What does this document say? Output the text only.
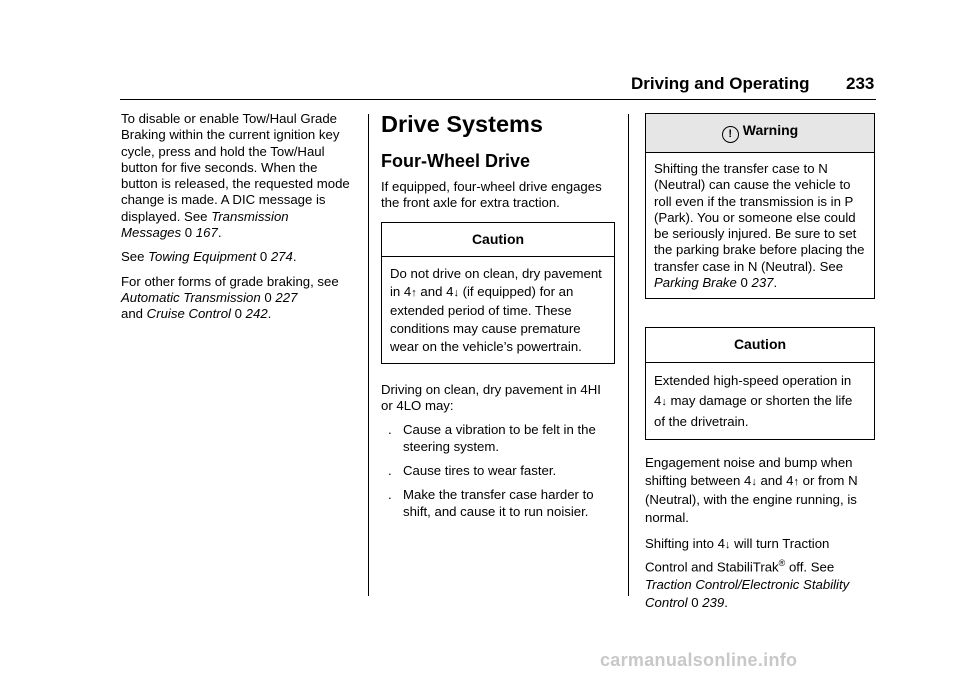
Driving and Operating 233

To disable or enable Tow/Haul Grade Braking within the current ignition key cycle, press and hold the Tow/Haul button for five seconds. When the button is released, the requested mode change is made. A DIC message is displayed. See Transmission Messages 0 167.

See Towing Equipment 0 274.

For other forms of grade braking, see Automatic Transmission 0 227
and Cruise Control 0 242.

Drive Systems
Four-Wheel Drive

If equipped, four-wheel drive engages the front axle for extra traction.

Caution
Do not drive on clean, dry pavement in 4↑ and 4↓ (if equipped) for an extended period of time. These conditions may cause premature wear on the vehicle’s powertrain.

Driving on clean, dry pavement in 4HI or 4LO may:

. Cause a vibration to be felt in the steering system.
. Cause tires to wear faster.
. Make the transfer case harder to shift, and cause it to run noisier.
! Warning
Shifting the transfer case to N (Neutral) can cause the vehicle to roll even if the transmission is in P (Park). You or someone else could be seriously injured. Be sure to set the parking brake before placing the transfer case in N (Neutral). See Parking Brake 0 237.
Caution
Extended high-speed operation in 4↓ may damage or shorten the life of the drivetrain.

Engagement noise and bump when shifting between 4↓ and 4↑ or from N (Neutral), with the engine running, is normal.

Shifting into 4↓ will turn Traction Control and StabiliTrak® off. See Traction Control/Electronic Stability Control 0 239.

carmanualsonline.info
